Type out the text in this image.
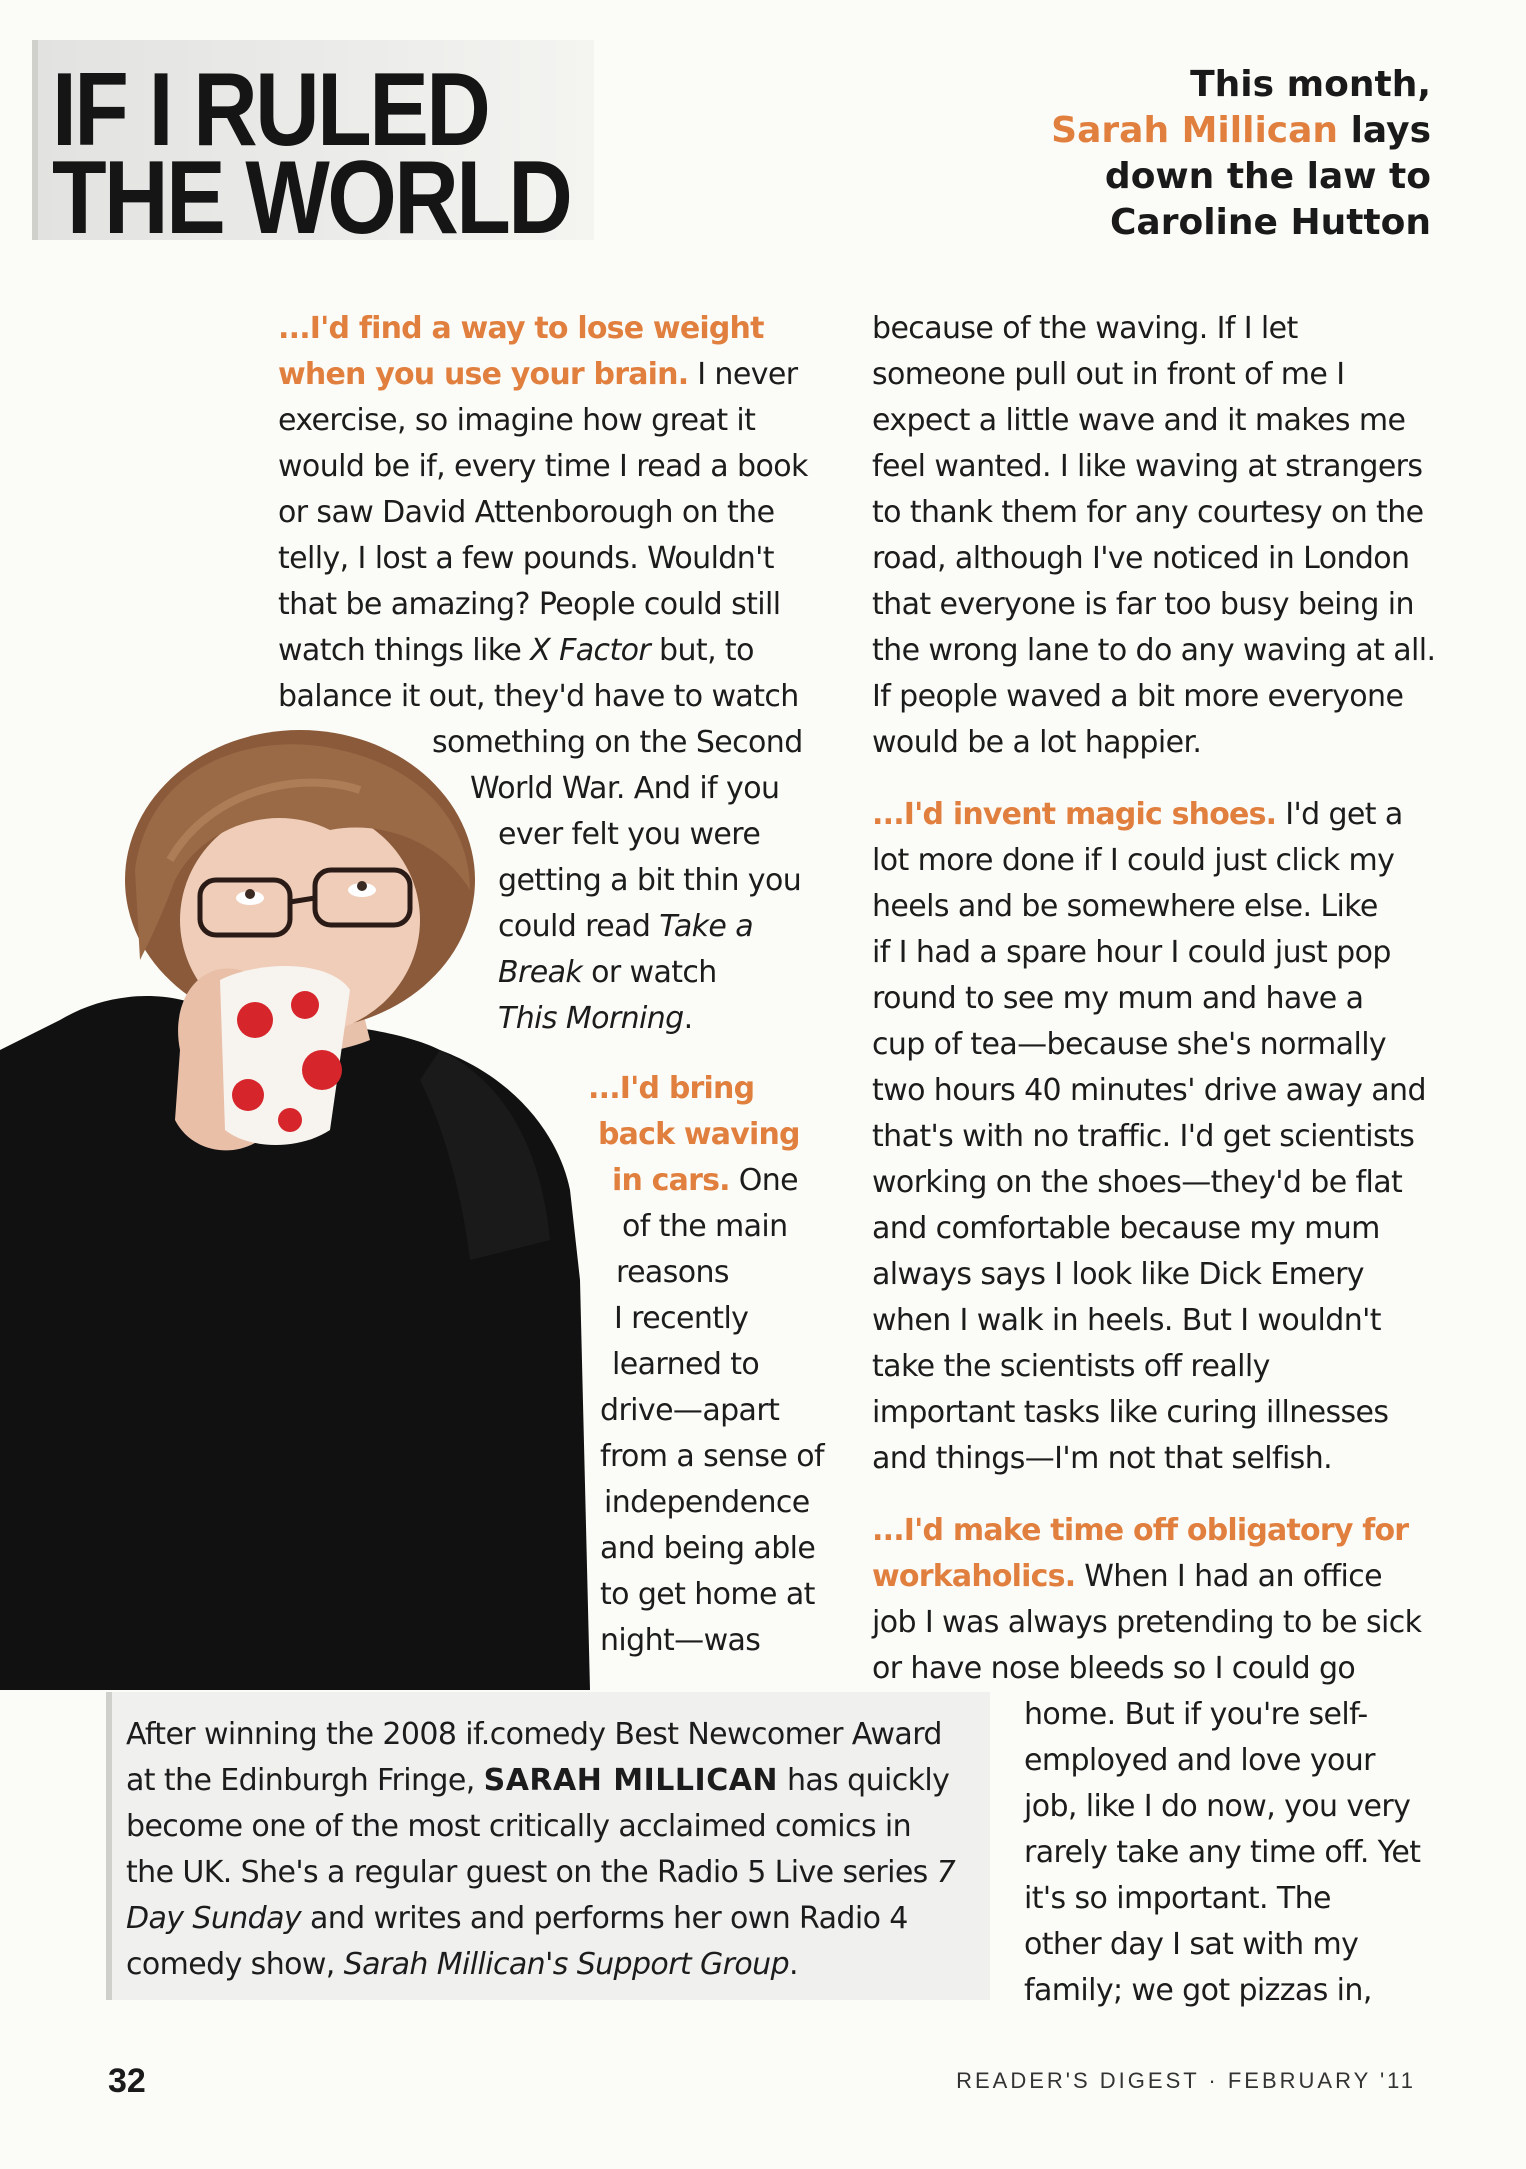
IF I RULED
THE WORLD
This month,
Sarah Millican lays
down the law to
Caroline Hutton
...I'd find a way to lose weight
when you use your brain. I never
exercise, so imagine how great it
would be if, every time I read a book
or saw David Attenborough on the
telly, I lost a few pounds. Wouldn't
that be amazing? People could still
watch things like X Factor but, to
balance it out, they'd have to watch
something on the Second
World War. And if you
ever felt you were
getting a bit thin you
could read Take a
Break or watch
This Morning.
...I'd bring
back waving
in cars. One
of the main
reasons
I recently
learned to
drive—apart
from a sense of
independence
and being able
to get home at
night—was
because of the waving. If I let
someone pull out in front of me I
expect a little wave and it makes me
feel wanted. I like waving at strangers
to thank them for any courtesy on the
road, although I've noticed in London
that everyone is far too busy being in
the wrong lane to do any waving at all.
If people waved a bit more everyone
would be a lot happier.
...I'd invent magic shoes. I'd get a
lot more done if I could just click my
heels and be somewhere else. Like
if I had a spare hour I could just pop
round to see my mum and have a
cup of tea—because she's normally
two hours 40 minutes' drive away and
that's with no traffic. I'd get scientists
working on the shoes—they'd be flat
and comfortable because my mum
always says I look like Dick Emery
when I walk in heels. But I wouldn't
take the scientists off really
important tasks like curing illnesses
and things—I'm not that selfish.
...I'd make time off obligatory for
workaholics. When I had an office
job I was always pretending to be sick
or have nose bleeds so I could go
home. But if you're self-
employed and love your
job, like I do now, you very
rarely take any time off. Yet
it's so important. The
other day I sat with my
family; we got pizzas in,
After winning the 2008 if.comedy Best Newcomer Award
at the Edinburgh Fringe, SARAH MILLICAN has quickly
become one of the most critically acclaimed comics in
the UK. She's a regular guest on the Radio 5 Live series 7
Day Sunday and writes and performs her own Radio 4
comedy show, Sarah Millican's Support Group.
32	READER'S DIGEST · FEBRUARY '11
